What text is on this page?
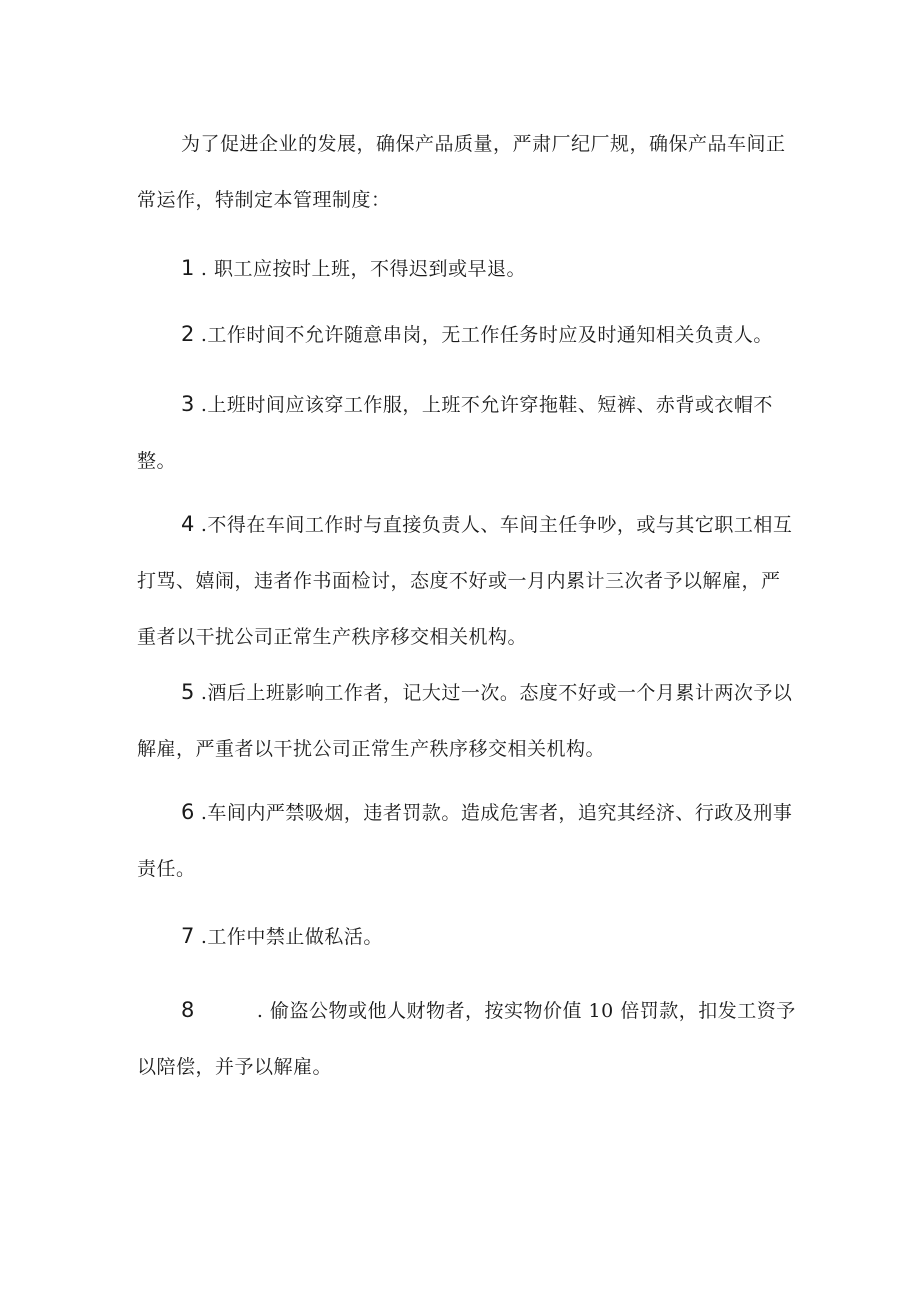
为了促进企业的发展，确保产品质量，严肃厂纪厂规，确保产品车间正常运作，特制定本管理制度：

1 . 职工应按时上班，不得迟到或早退。

2 .工作时间不允许随意串岗，无工作任务时应及时通知相关负责人。

3 .上班时间应该穿工作服，上班不允许穿拖鞋、短裤、赤背或衣帽不整。

4 .不得在车间工作时与直接负责人、车间主任争吵，或与其它职工相互打骂、嬉闹，违者作书面检讨，态度不好或一月内累计三次者予以解雇，严重者以干扰公司正常生产秩序移交相关机构。

5 .酒后上班影响工作者，记大过一次。态度不好或一个月累计两次予以解雇，严重者以干扰公司正常生产秩序移交相关机构。

6 .车间内严禁吸烟，违者罚款。造成危害者，追究其经济、行政及刑事责任。

7 .工作中禁止做私活。

8	. 偷盗公物或他人财物者，按实物价值 10 倍罚款，扣发工资予以陪偿，并予以解雇。
